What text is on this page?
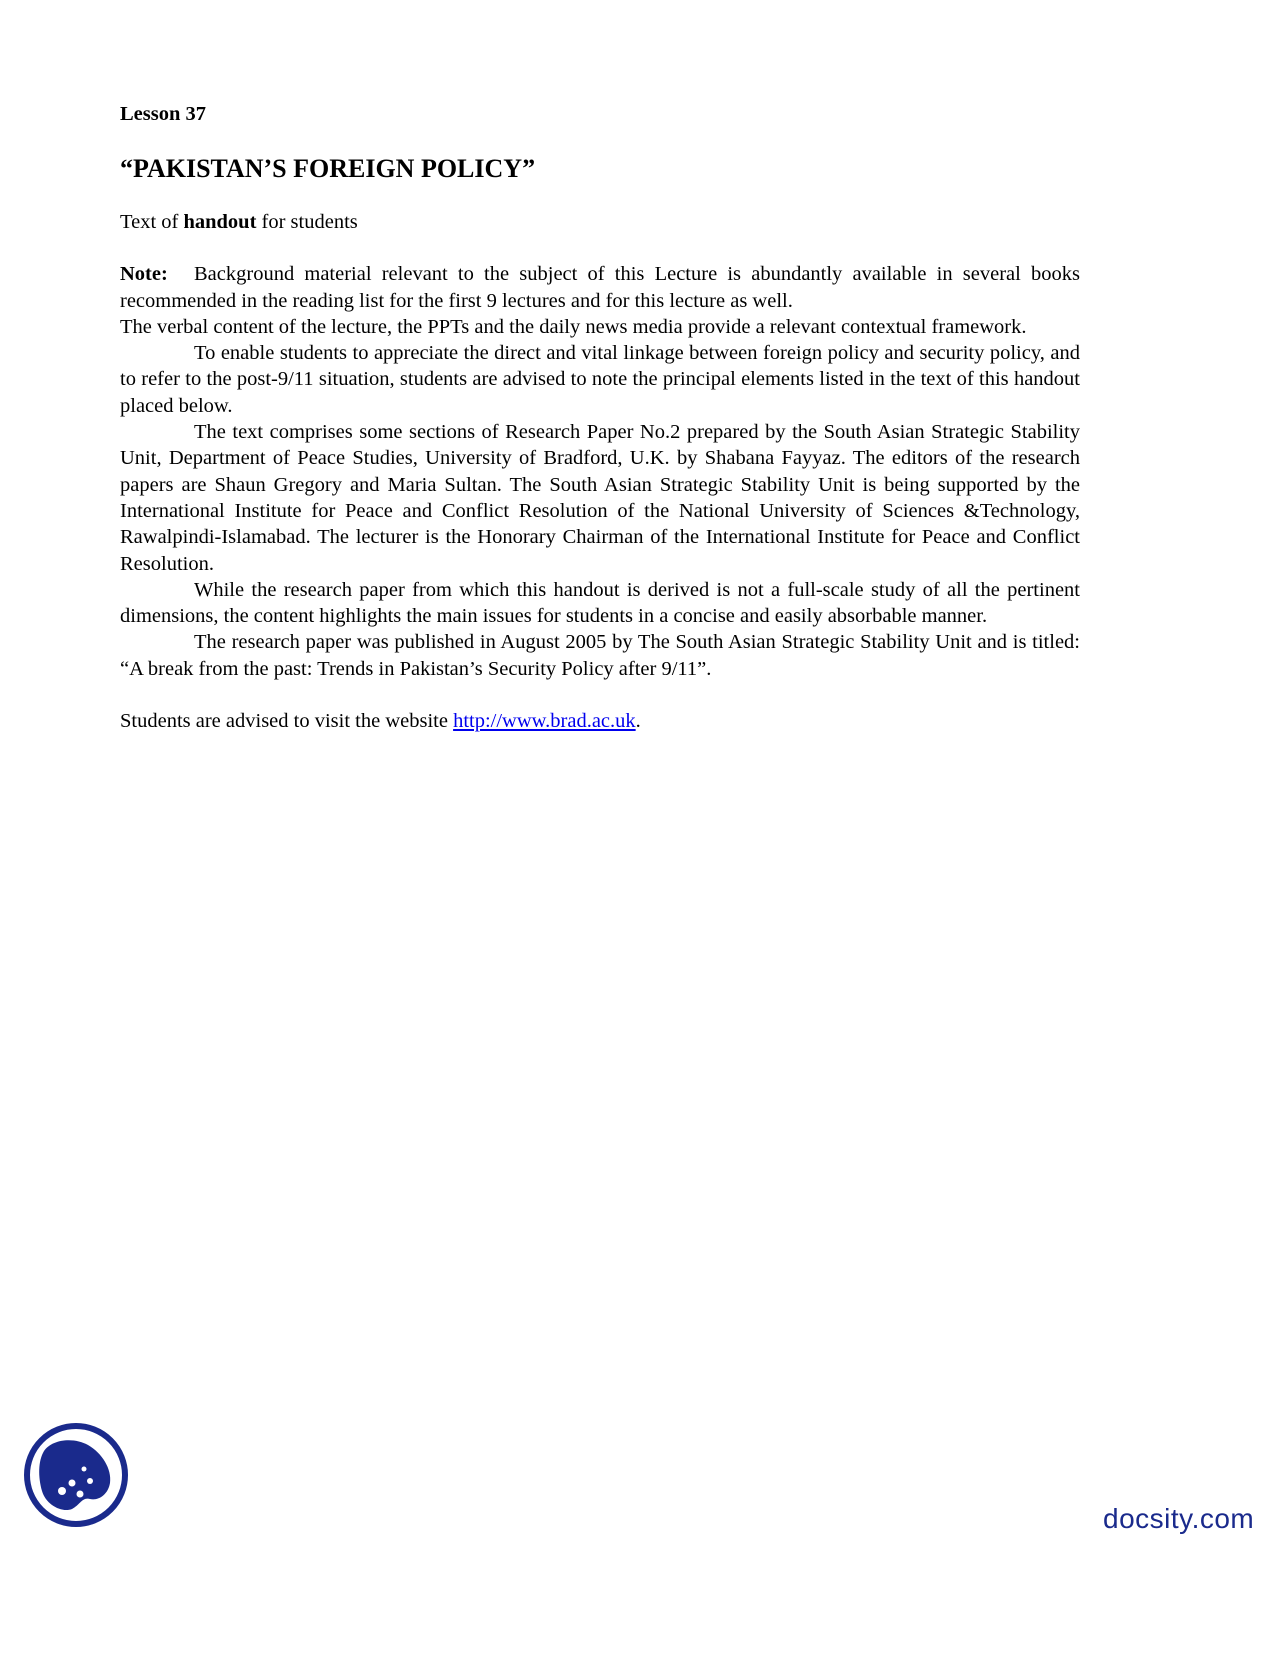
Lesson 37

“PAKISTAN’S FOREIGN POLICY”

Text of handout for students

Note: Background material relevant to the subject of this Lecture is abundantly available in several books recommended in the reading list for the first 9 lectures and for this lecture as well.

The verbal content of the lecture, the PPTs and the daily news media provide a relevant contextual framework.

To enable students to appreciate the direct and vital linkage between foreign policy and security policy, and to refer to the post-9/11 situation, students are advised to note the principal elements listed in the text of this handout placed below.

The text comprises some sections of Research Paper No.2 prepared by the South Asian Strategic Stability Unit, Department of Peace Studies, University of Bradford, U.K. by Shabana Fayyaz. The editors of the research papers are Shaun Gregory and Maria Sultan. The South Asian Strategic Stability Unit is being supported by the International Institute for Peace and Conflict Resolution of the National University of Sciences &Technology, Rawalpindi-Islamabad. The lecturer is the Honorary Chairman of the International Institute for Peace and Conflict Resolution.

While the research paper from which this handout is derived is not a full-scale study of all the pertinent dimensions, the content highlights the main issues for students in a concise and easily absorbable manner.

The research paper was published in August 2005 by The South Asian Strategic Stability Unit and is titled: “A break from the past: Trends in Pakistan’s Security Policy after 9/11”.

Students are advised to visit the website http://www.brad.ac.uk.

docsity.com
